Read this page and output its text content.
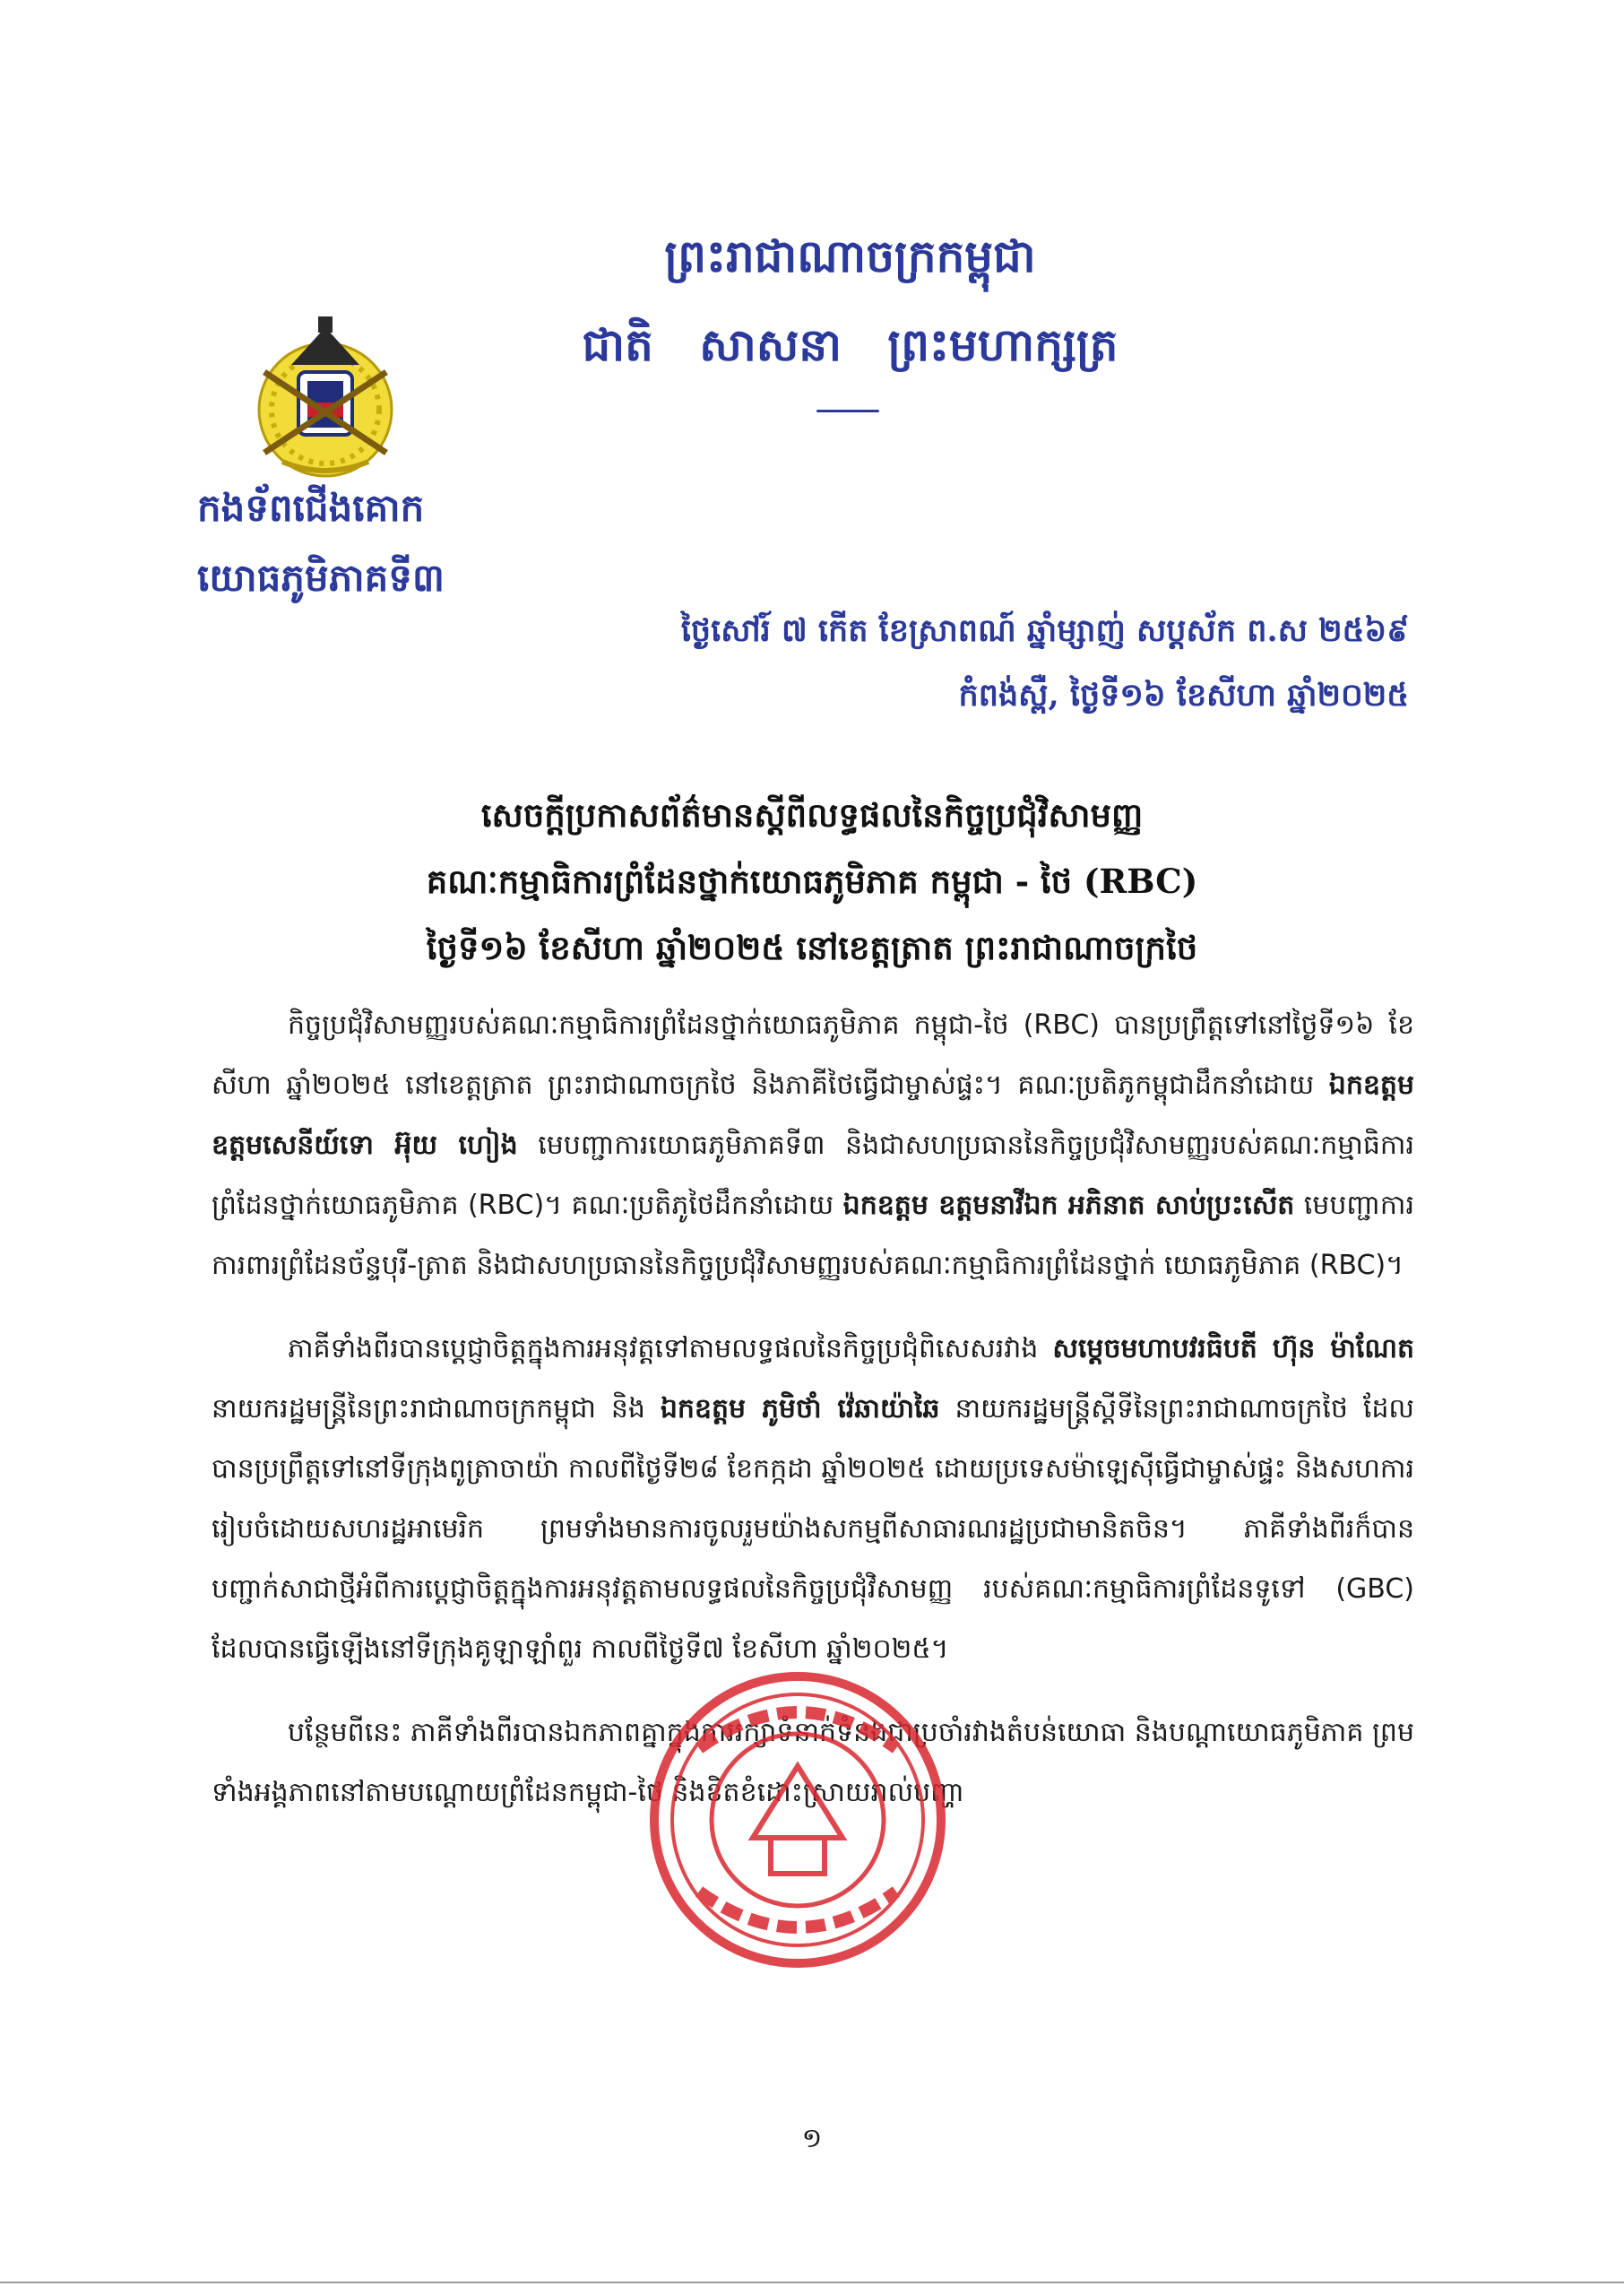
ព្រះរាជាណាចក្រកម្ពុជា
ជាតិ សាសនា ព្រះមហាក្សត្រ
កងទ័ពជើងគោក
យោធភូមិភាគទី៣
ថ្ងៃសៅរ៍ ៧ កើត ខែស្រាពណ៍ ឆ្នាំម្សាញ់ សប្តស័ក ព.ស ២៥៦៩
កំពង់ស្ពឺ, ថ្ងៃទី១៦ ខែសីហា ឆ្នាំ២០២៥
សេចក្តីប្រកាសព័ត៌មានស្តីពីលទ្ធផលនៃកិច្ចប្រជុំវិសាមញ្ញ
គណៈកម្មាធិការព្រំដែនថ្នាក់យោធភូមិភាគ កម្ពុជា - ថៃ (RBC)
ថ្ងៃទី១៦ ខែសីហា ឆ្នាំ២០២៥ នៅខេត្តត្រាត ព្រះរាជាណាចក្រថៃ

កិច្ចប្រជុំវិសាមញ្ញរបស់គណៈកម្មាធិការព្រំដែនថ្នាក់យោធភូមិភាគ កម្ពុជា-ថៃ (RBC) បានប្រព្រឹត្តទៅនៅថ្ងៃទី១៦ ខែសីហា ឆ្នាំ២០២៥ នៅខេត្តត្រាត ព្រះរាជាណាចក្រថៃ និងភាគីថៃធ្វើជាម្ចាស់ផ្ទះ។ គណៈប្រតិភូកម្ពុជាដឹកនាំដោយ ឯកឧត្តម ឧត្តមសេនីយ៍ទោ អ៊ុយ ហៀង មេបញ្ជាការយោធភូមិភាគទី៣ និងជាសហប្រធាននៃកិច្ចប្រជុំវិសាមញ្ញរបស់គណៈកម្មាធិការព្រំដែនថ្នាក់យោធភូមិភាគ (RBC)។ គណៈប្រតិភូថៃដឹកនាំដោយ ឯកឧត្តម ឧត្តមនាវីឯក អភិនាត សាប់ប្រះសើត មេបញ្ជាការការពារព្រំដែនច័ន្ទបុរី-ត្រាត និងជាសហប្រធាននៃកិច្ចប្រជុំវិសាមញ្ញរបស់គណៈកម្មាធិការព្រំដែនថ្នាក់ យោធភូមិភាគ (RBC)។

ភាគីទាំងពីរបានប្តេជ្ញាចិត្តក្នុងការអនុវត្តទៅតាមលទ្ធផលនៃកិច្ចប្រជុំពិសេសរវាង សម្តេចមហាបវរធិបតី ហ៊ុន ម៉ាណែត នាយករដ្ឋមន្ត្រីនៃព្រះរាជាណាចក្រកម្ពុជា និង ឯកឧត្តម ភូមិថាំ វ៉េឆាយ៉ាឆៃ នាយករដ្ឋមន្ត្រីស្តីទីនៃព្រះរាជាណាចក្រថៃ ដែលបានប្រព្រឹត្តទៅនៅទីក្រុងពូត្រាចាយ៉ា កាលពីថ្ងៃទី២៨ ខែកក្កដា ឆ្នាំ២០២៥ ដោយប្រទេសម៉ាឡេស៊ីធ្វើជាម្ចាស់ផ្ទះ និងសហការរៀបចំដោយសហរដ្ឋអាមេរិក ព្រមទាំងមានការចូលរួមយ៉ាងសកម្មពីសាធារណរដ្ឋប្រជាមានិតចិន។ ភាគីទាំងពីរក៏បានបញ្ជាក់សាជាថ្មីអំពីការប្តេជ្ញាចិត្តក្នុងការអនុវត្តតាមលទ្ធផលនៃកិច្ចប្រជុំវិសាមញ្ញ របស់គណៈកម្មាធិការព្រំដែនទូទៅ (GBC) ដែលបានធ្វើឡើងនៅទីក្រុងគូឡាឡាំពួរ កាលពីថ្ងៃទី៧ ខែសីហា ឆ្នាំ២០២៥។

បន្ថែមពីនេះ ភាគីទាំងពីរបានឯកភាពគ្នាក្នុងការរក្សាទំនាក់ទំនងជាប្រចាំរវាងតំបន់យោធា និងបណ្តាយោធភូមិភាគ ព្រមទាំងអង្គភាពនៅតាមបណ្តោយព្រំដែនកម្ពុជា-ថៃ និងខិតខំដោះស្រាយរាល់បញ្ហា

១
